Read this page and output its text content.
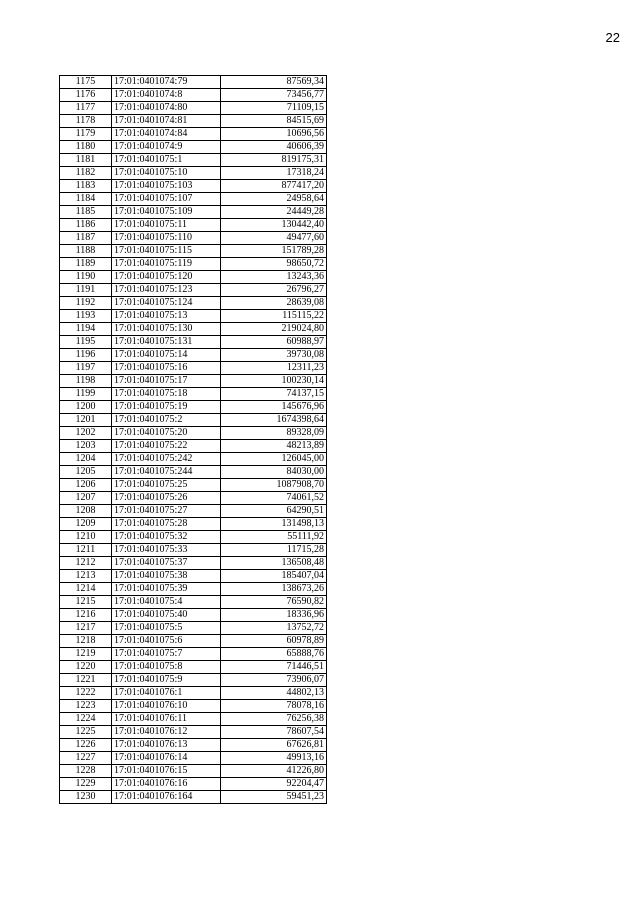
22
1175	17:01:0401074:79	87569,34
1176	17:01:0401074:8	73456,77
1177	17:01:0401074:80	71109,15
1178	17:01:0401074:81	84515,69
1179	17:01:0401074:84	10696,56
1180	17:01:0401074:9	40606,39
1181	17:01:0401075:1	819175,31
1182	17:01:0401075:10	17318,24
1183	17:01:0401075:103	877417,20
1184	17:01:0401075:107	24958,64
1185	17:01:0401075:109	24449,28
1186	17:01:0401075:11	130442,40
1187	17:01:0401075:110	49477,60
1188	17:01:0401075:115	151789,28
1189	17:01:0401075:119	98650,72
1190	17:01:0401075:120	13243,36
1191	17:01:0401075:123	26796,27
1192	17:01:0401075:124	28639,08
1193	17:01:0401075:13	115115,22
1194	17:01:0401075:130	219024,80
1195	17:01:0401075:131	60988,97
1196	17:01:0401075:14	39730,08
1197	17:01:0401075:16	12311,23
1198	17:01:0401075:17	100230,14
1199	17:01:0401075:18	74137,15
1200	17:01:0401075:19	145676,96
1201	17:01:0401075:2	1674398,64
1202	17:01:0401075:20	89328,09
1203	17:01:0401075:22	48213,89
1204	17:01:0401075:242	126045,00
1205	17:01:0401075:244	84030,00
1206	17:01:0401075:25	1087908,70
1207	17:01:0401075:26	74061,52
1208	17:01:0401075:27	64290,51
1209	17:01:0401075:28	131498,13
1210	17:01:0401075:32	55111,92
1211	17:01:0401075:33	11715,28
1212	17:01:0401075:37	136508,48
1213	17:01:0401075:38	185407,04
1214	17:01:0401075:39	138673,26
1215	17:01:0401075:4	76590,82
1216	17:01:0401075:40	18336,96
1217	17:01:0401075:5	13752,72
1218	17:01:0401075:6	60978,89
1219	17:01:0401075:7	65888,76
1220	17:01:0401075:8	71446,51
1221	17:01:0401075:9	73906,07
1222	17:01:0401076:1	44802,13
1223	17:01:0401076:10	78078,16
1224	17:01:0401076:11	76256,38
1225	17:01:0401076:12	78607,54
1226	17:01:0401076:13	67626,81
1227	17:01:0401076:14	49913,16
1228	17:01:0401076:15	41226,80
1229	17:01:0401076:16	92204,47
1230	17:01:0401076:164	59451,23
